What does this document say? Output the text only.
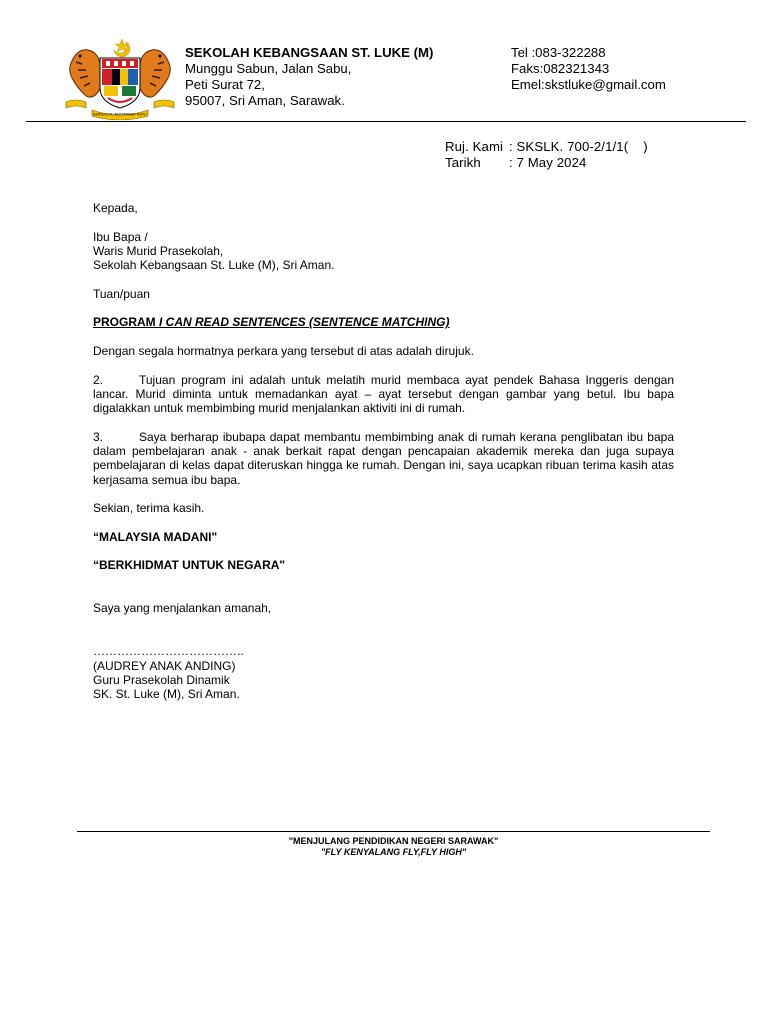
BERSEKUTU BERTAMBAH MUTU
SEKOLAH KEBANGSAAN ST. LUKE (M)
Munggu Sabun, Jalan Sabu,
Peti Surat 72,
95007, Sri Aman, Sarawak.
Tel :083-322288
Faks:082321343
Emel:skstluke@gmail.com
Ruj. Kami : SKSLK. 700-2/1/1(    )
Tarikh	: 7 May 2024

Kepada,

Ibu Bapa /

Waris Murid Prasekolah,

Sekolah Kebangsaan St. Luke (M), Sri Aman.

Tuan/puan

PROGRAM I CAN READ SENTENCES (SENTENCE MATCHING)

Dengan segala hormatnya perkara yang tersebut di atas adalah dirujuk.

2.	Tujuan program ini adalah untuk melatih murid membaca ayat pendek Bahasa Inggeris dengan lancar. Murid diminta untuk memadankan ayat – ayat tersebut dengan gambar yang betul. Ibu bapa digalakkan untuk membimbing murid menjalankan aktiviti ini di rumah.

3.	Saya berharap ibubapa dapat membantu membimbing anak di rumah kerana penglibatan ibu bapa dalam pembelajaran anak - anak berkait rapat dengan pencapaian akademik mereka dan juga supaya pembelajaran di kelas dapat diteruskan hingga ke rumah. Dengan ini, saya ucapkan ribuan terima kasih atas kerjasama semua ibu bapa.

Sekian, terima kasih.

“MALAYSIA MADANI"

“BERKHIDMAT UNTUK NEGARA"

Saya yang menjalankan amanah,

………………………………..

(AUDREY ANAK ANDING)

Guru Prasekolah Dinamik

SK. St. Luke (M), Sri Aman.

"MENJULANG PENDIDIKAN NEGERI SARAWAK"
"FLY KENYALANG FLY,FLY HIGH"
